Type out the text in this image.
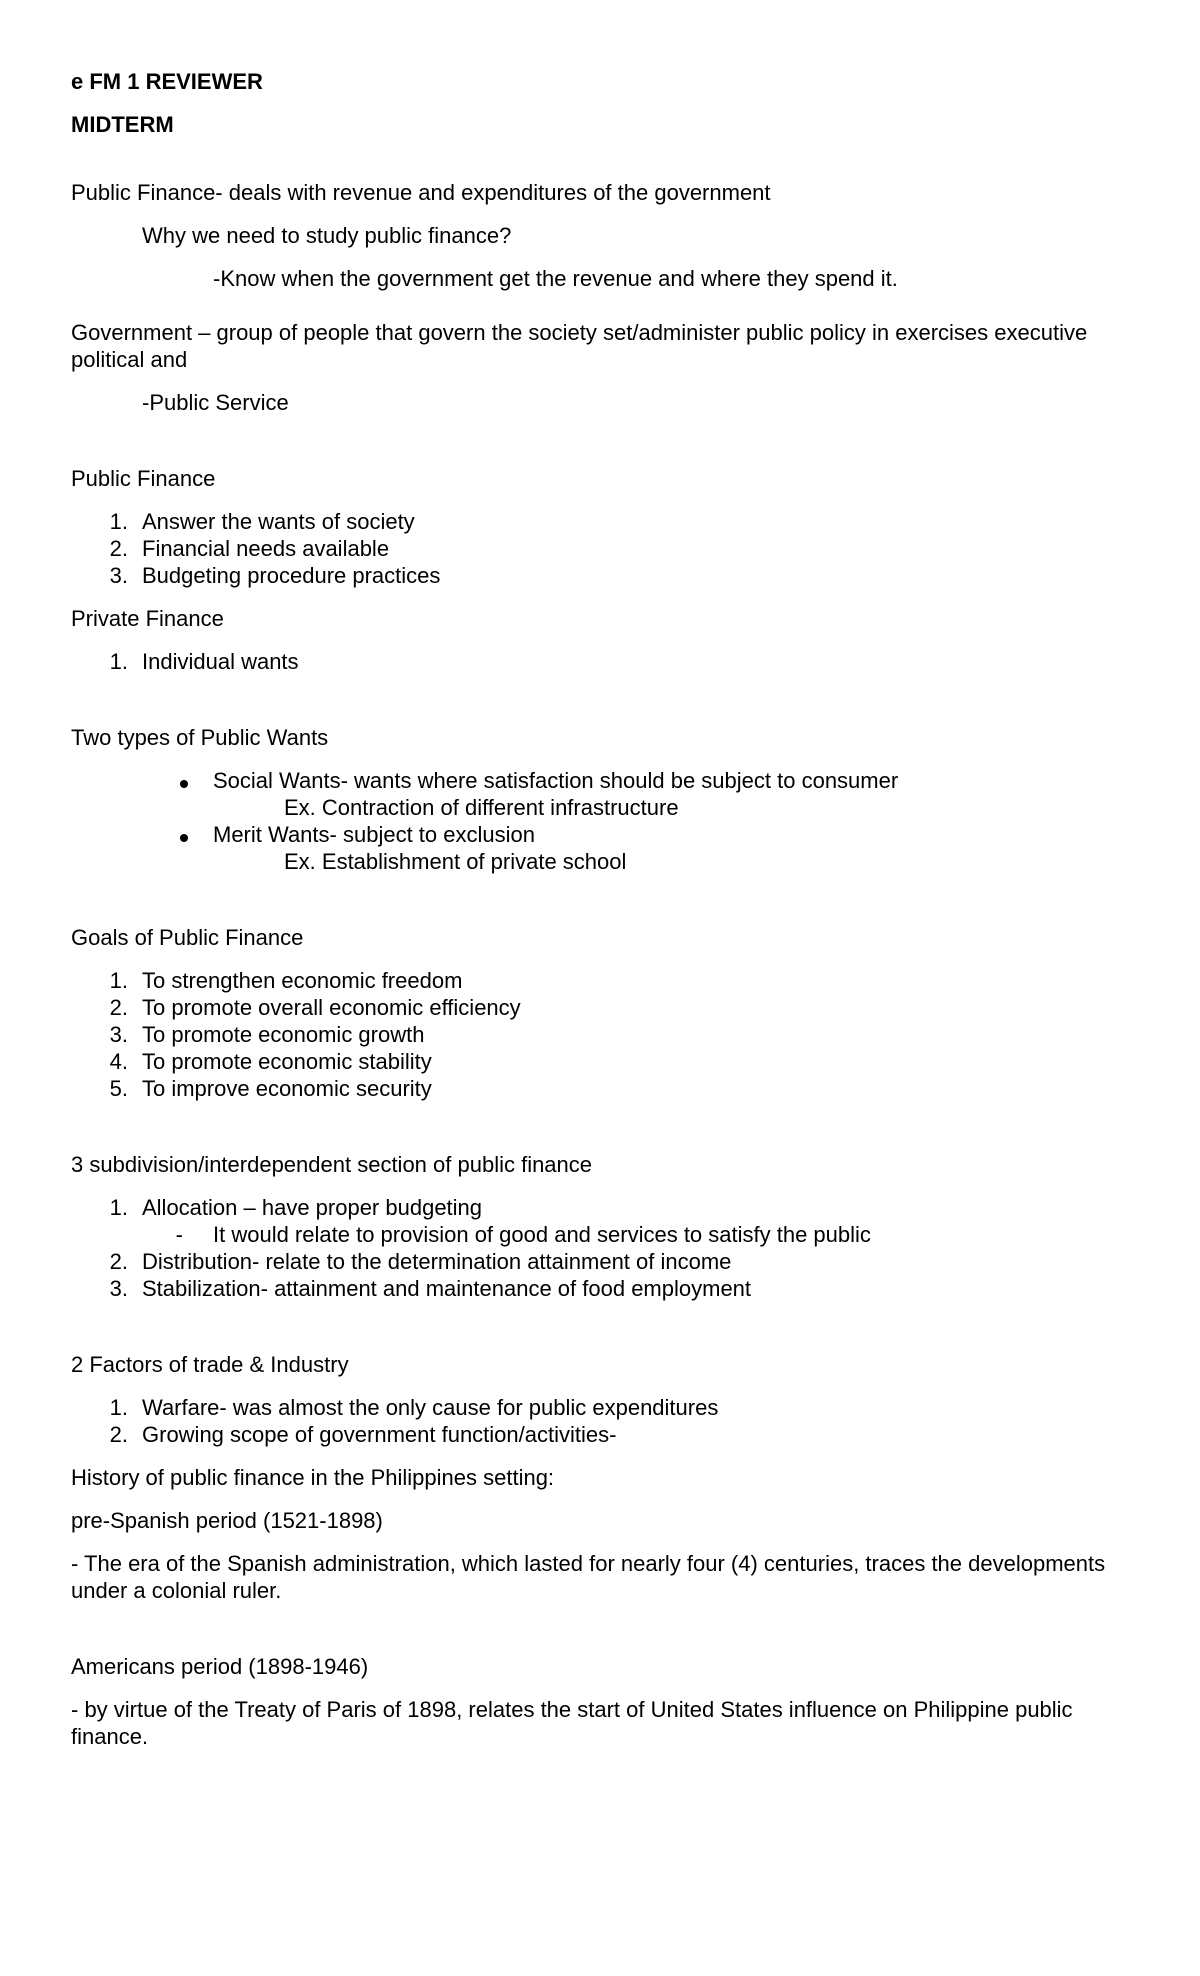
e FM 1 REVIEWER

MIDTERM

Public Finance- deals with revenue and expenditures of the government

Why we need to study public finance?

-Know when the government get the revenue and where they spend it.

Government – group of people that govern the society set/administer public policy in exercises executive political and

-Public Service

Public Finance

1. Answer the wants of society
2. Financial needs available
3. Budgeting procedure practices

Private Finance

1. Individual wants

Two types of Public Wants

Social Wants- wants where satisfaction should be subject to consumer

Ex. Contraction of different infrastructure

Merit Wants- subject to exclusion

Ex. Establishment of private school

Goals of Public Finance

1. To strengthen economic freedom
2. To promote overall economic efficiency
3. To promote economic growth
4. To promote economic stability
5. To improve economic security

3 subdivision/interdependent section of public finance

1. Allocation – have proper budgeting
-	It would relate to provision of good and services to satisfy the public
2. Distribution- relate to the determination attainment of income
3. Stabilization- attainment and maintenance of food employment

2 Factors of trade & Industry

1. Warfare- was almost the only cause for public expenditures
2. Growing scope of government function/activities-

History of public finance in the Philippines setting:

pre-Spanish period (1521-1898)

- The era of the Spanish administration, which lasted for nearly four (4) centuries, traces the developments under a colonial ruler.

Americans period (1898-1946)

- by virtue of the Treaty of Paris of 1898, relates the start of United States influence on Philippine public finance.
